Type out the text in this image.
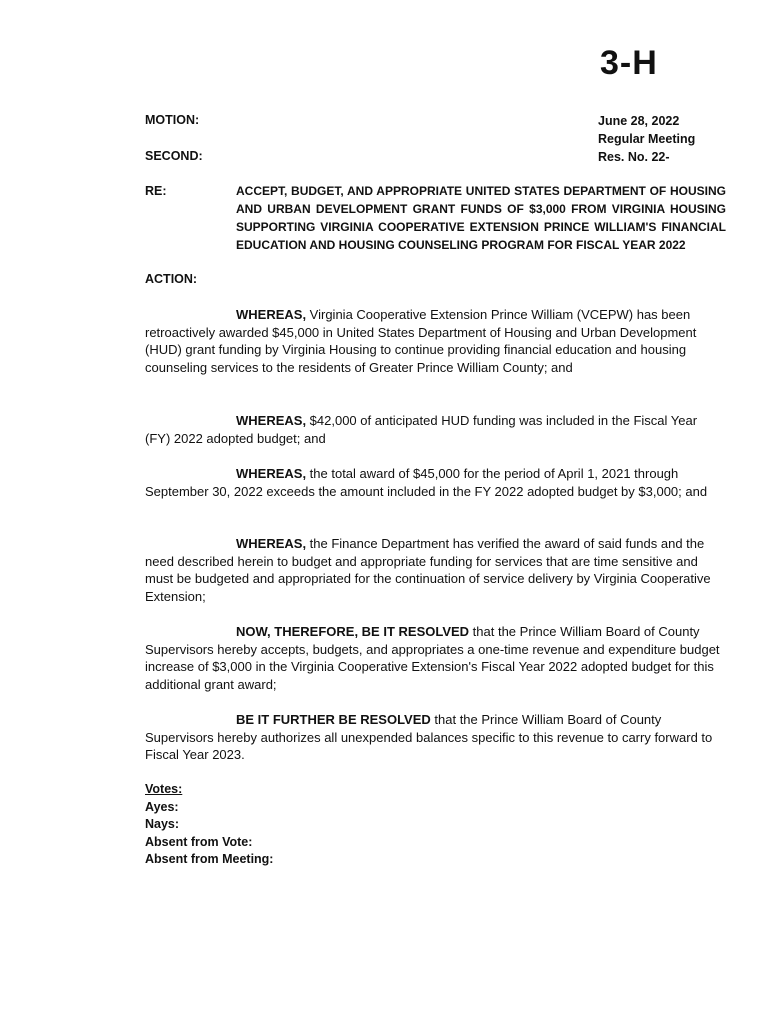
3-H
MOTION:
SECOND:
June 28, 2022
Regular Meeting
Res. No. 22-
RE:	ACCEPT, BUDGET, AND APPROPRIATE UNITED STATES DEPARTMENT OF HOUSING AND URBAN DEVELOPMENT GRANT FUNDS OF $3,000 FROM VIRGINIA HOUSING SUPPORTING VIRGINIA COOPERATIVE EXTENSION PRINCE WILLIAM'S FINANCIAL EDUCATION AND HOUSING COUNSELING PROGRAM FOR FISCAL YEAR 2022
ACTION:
WHEREAS, Virginia Cooperative Extension Prince William (VCEPW) has been retroactively awarded $45,000 in United States Department of Housing and Urban Development (HUD) grant funding by Virginia Housing to continue providing financial education and housing counseling services to the residents of Greater Prince William County; and
WHEREAS, $42,000 of anticipated HUD funding was included in the Fiscal Year (FY) 2022 adopted budget; and
WHEREAS, the total award of $45,000 for the period of April 1, 2021 through September 30, 2022 exceeds the amount included in the FY 2022 adopted budget by $3,000; and
WHEREAS, the Finance Department has verified the award of said funds and the need described herein to budget and appropriate funding for services that are time sensitive and must be budgeted and appropriated for the continuation of service delivery by Virginia Cooperative Extension;
NOW, THEREFORE, BE IT RESOLVED that the Prince William Board of County Supervisors hereby accepts, budgets, and appropriates a one-time revenue and expenditure budget increase of $3,000 in the Virginia Cooperative Extension's Fiscal Year 2022 adopted budget for this additional grant award;
BE IT FURTHER BE RESOLVED that the Prince William Board of County Supervisors hereby authorizes all unexpended balances specific to this revenue to carry forward to Fiscal Year 2023.
Votes:
Ayes:
Nays:
Absent from Vote:
Absent from Meeting:
